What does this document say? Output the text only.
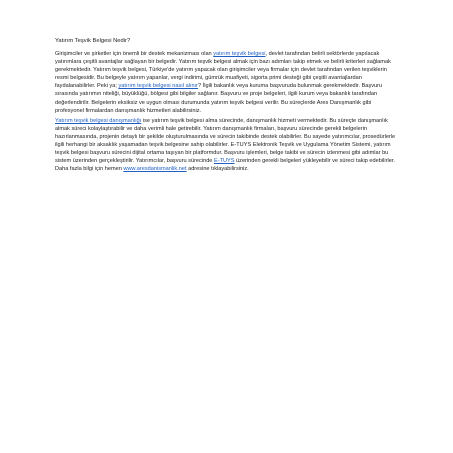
Yatırım Teşvik Belgesi Nedir?

Girişimciler ve şirketler için önemli bir destek mekanizması olan yatırım teşvik belgesi, devlet tarafından belirli sektörlerde yapılacak yatırımlara çeşitli avantajlar sağlayan bir belgedir. Yatırım teşvik belgesi almak için bazı adımları takip etmek ve belirli kriterleri sağlamak gerekmektedir. Yatırım teşvik belgesi, Türkiye'de yatırım yapacak olan girişimciler veya firmalar için devlet tarafından verilen teşviklerin resmi belgesidir. Bu belgeyle yatırım yapanlar, vergi indirimi, gümrük muafiyeti, sigorta primi desteği gibi çeşitli avantajlardan faydalanabilirler. Peki ya; yatırım teşvik belgesi nasıl alınır? İlgili bakanlık veya kuruma başvuruda bulunmak gerekmektedir. Başvuru sırasında yatırımın niteliği, büyüklüğü, bölgesi gibi bilgiler sağlanır. Başvuru ve proje belgeleri, ilgili kurum veya bakanlık tarafından değerlendirilir. Belgelerin eksiksiz ve uygun olması durumunda yatırım teşvik belgesi verilir. Bu süreçlerde Ares Danışmanlık gibi profesyonel firmalardan danışmanlık hizmetleri alabilirsiniz.

Yatırım teşvik belgesi danışmanlığı ise yatırım teşvik belgesi alma sürecinde, danışmanlık hizmeti vermektedir. Bu süreçte danışmanlık almak süreci kolaylaştırabilir ve daha verimli hale getirebilir. Yatırım danışmanlık firmaları, başvuru sürecinde gerekli belgelerin hazırlanmasında, projenin detaylı bir şekilde oluşturulmasında ve sürecin takibinde destek olabilirler. Bu sayede yatırımcılar, prosedürlerle ilgili herhangi bir aksaklık yaşamadan teşvik belgesine sahip olabilirler. E-TUYS Elektronik Teşvik ve Uygulama Yönetim Sistemi, yatırım teşvik belgesi başvuru sürecini dijital ortama taşıyan bir platformdur. Başvuru işlemleri, belge takibi ve sürecin izlenmesi gibi adımlar bu sistem üzerinden gerçekleştirilir. Yatırımcılar, başvuru sürecinde E-TUYS üzerinden gerekli belgeleri yükleyebilir ve süreci takip edebilirler. Daha fazla bilgi için hemen www.aresdanismanlik.net adresine tıklayabilirsiniz.
